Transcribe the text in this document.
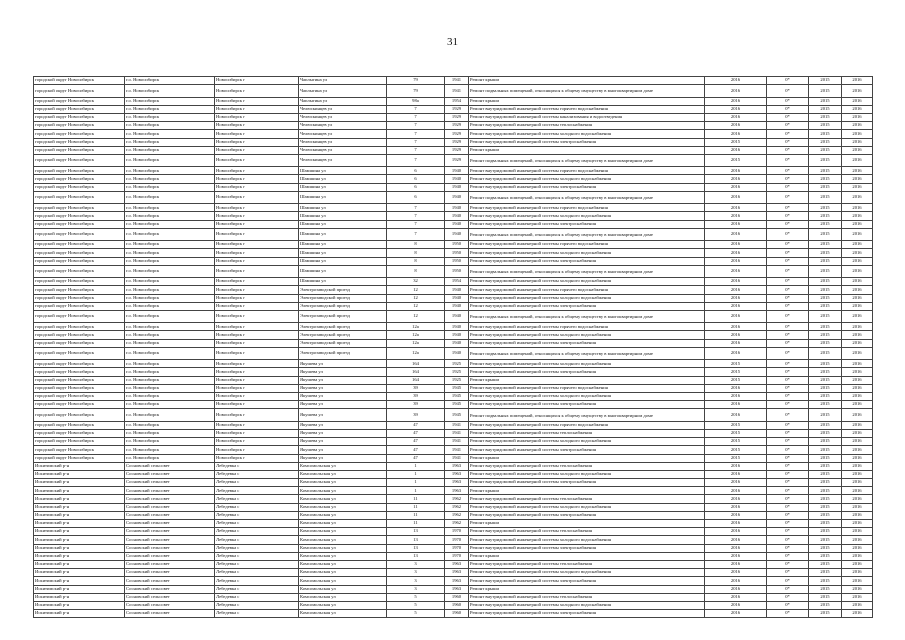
31
городской округ Новосибирск	г.о. Новосибирск	Новосибирск г	Чаплыгина ул	79	1941	Ремонт крыши	2016	0*	2015	2016
городской округ Новосибирск	г.о. Новосибирск	Новосибирск г	Чаплыгина ул	79	1941	Ремонт подвальных помещений, относящихся к общему имуществу в многоквартирном доме	2016	0*	2015	2016
городской округ Новосибирск	г.о. Новосибирск	Новосибирск г	Чаплыгина ул	98а	1954	Ремонт крыши	2016	0*	2015	2016
городской округ Новосибирск	г.о. Новосибирск	Новосибирск г	Челюскинцев ул	7	1929	Ремонт внутридомовой инженерной системы горячего водоснабжения	2016	0*	2015	2016
городской округ Новосибирск	г.о. Новосибирск	Новосибирск г	Челюскинцев ул	7	1929	Ремонт внутридомовой инженерной системы канализования и водоотведения	2016	0*	2015	2016
городской округ Новосибирск	г.о. Новосибирск	Новосибирск г	Челюскинцев ул	7	1929	Ремонт внутридомовой инженерной системы теплоснабжения	2016	0*	2015	2016
городской округ Новосибирск	г.о. Новосибирск	Новосибирск г	Челюскинцев ул	7	1929	Ремонт внутридомовой инженерной системы холодного водоснабжения	2016	0*	2015	2016
городской округ Новосибирск	г.о. Новосибирск	Новосибирск г	Челюскинцев ул	7	1929	Ремонт внутридомовой инженерной системы электроснабжения	2015	0*	2015	2016
городской округ Новосибирск	г.о. Новосибирск	Новосибирск г	Челюскинцев ул	7	1929	Ремонт крыши	2016	0*	2015	2016
городской округ Новосибирск	г.о. Новосибирск	Новосибирск г	Челюскинцев ул	7	1929	Ремонт подвальных помещений, относящихся к общему имуществу в многоквартирном доме	2015	0*	2015	2016
городской округ Новосибирск	г.о. Новосибирск	Новосибирск г	Шамшина ул	6	1940	Ремонт внутридомовой инженерной системы горячего водоснабжения	2016	0*	2015	2016
городской округ Новосибирск	г.о. Новосибирск	Новосибирск г	Шамшина ул	6	1940	Ремонт внутридомовой инженерной системы холодного водоснабжения	2016	0*	2015	2016
городской округ Новосибирск	г.о. Новосибирск	Новосибирск г	Шамшина ул	6	1940	Ремонт внутридомовой инженерной системы электроснабжения	2016	0*	2015	2016
городской округ Новосибирск	г.о. Новосибирск	Новосибирск г	Шамшина ул	6	1940	Ремонт подвальных помещений, относящихся к общему имуществу в многоквартирном доме	2016	0*	2015	2016
городской округ Новосибирск	г.о. Новосибирск	Новосибирск г	Шамшина ул	7	1940	Ремонт внутридомовой инженерной системы горячего водоснабжения	2016	0*	2015	2016
городской округ Новосибирск	г.о. Новосибирск	Новосибирск г	Шамшина ул	7	1940	Ремонт внутридомовой инженерной системы холодного водоснабжения	2016	0*	2015	2016
городской округ Новосибирск	г.о. Новосибирск	Новосибирск г	Шамшина ул	7	1940	Ремонт внутридомовой инженерной системы электроснабжения	2016	0*	2015	2016
городской округ Новосибирск	г.о. Новосибирск	Новосибирск г	Шамшина ул	7	1940	Ремонт подвальных помещений, относящихся к общему имуществу в многоквартирном доме	2016	0*	2015	2016
городской округ Новосибирск	г.о. Новосибирск	Новосибирск г	Шамшина ул	8	1950	Ремонт внутридомовой инженерной системы горячего водоснабжения	2016	0*	2015	2016
городской округ Новосибирск	г.о. Новосибирск	Новосибирск г	Шамшина ул	8	1950	Ремонт внутридомовой инженерной системы холодного водоснабжения	2016	0*	2015	2016
городской округ Новосибирск	г.о. Новосибирск	Новосибирск г	Шамшина ул	8	1950	Ремонт внутридомовой инженерной системы электроснабжения	2016	0*	2015	2016
городской округ Новосибирск	г.о. Новосибирск	Новосибирск г	Шамшина ул	8	1950	Ремонт подвальных помещений, относящихся к общему имуществу в многоквартирном доме	2016	0*	2015	2016
городской округ Новосибирск	г.о. Новосибирск	Новосибирск г	Шамшина ул	32	1954	Ремонт внутридомовой инженерной системы холодного водоснабжения	2016	0*	2015	2016
городской округ Новосибирск	г.о. Новосибирск	Новосибирск г	Электрозаводской проезд	12	1940	Ремонт внутридомовой инженерной системы горячего водоснабжения	2016	0*	2015	2016
городской округ Новосибирск	г.о. Новосибирск	Новосибирск г	Электрозаводской проезд	12	1940	Ремонт внутридомовой инженерной системы холодного водоснабжения	2016	0*	2015	2016
городской округ Новосибирск	г.о. Новосибирск	Новосибирск г	Электрозаводской проезд	12	1940	Ремонт внутридомовой инженерной системы электроснабжения	2016	0*	2015	2016
городской округ Новосибирск	г.о. Новосибирск	Новосибирск г	Электрозаводской проезд	12	1940	Ремонт подвальных помещений, относящихся к общему имуществу в многоквартирном доме	2016	0*	2015	2016
городской округ Новосибирск	г.о. Новосибирск	Новосибирск г	Электрозаводской проезд	12а	1940	Ремонт внутридомовой инженерной системы горячего водоснабжения	2016	0*	2015	2016
городской округ Новосибирск	г.о. Новосибирск	Новосибирск г	Электрозаводской проезд	12а	1940	Ремонт внутридомовой инженерной системы холодного водоснабжения	2016	0*	2015	2016
городской округ Новосибирск	г.о. Новосибирск	Новосибирск г	Электрозаводской проезд	12а	1940	Ремонт внутридомовой инженерной системы электроснабжения	2016	0*	2015	2016
городской округ Новосибирск	г.о. Новосибирск	Новосибирск г	Электрозаводской проезд	12а	1940	Ремонт подвальных помещений, относящихся к общему имуществу в многоквартирном доме	2016	0*	2015	2016
городской округ Новосибирск	г.о. Новосибирск	Новосибирск г	Якушева ул	164	1925	Ремонт внутридомовой инженерной системы холодного водоснабжения	2015	0*	2015	2016
городской округ Новосибирск	г.о. Новосибирск	Новосибирск г	Якушева ул	164	1925	Ремонт внутридомовой инженерной системы электроснабжения	2015	0*	2015	2016
городской округ Новосибирск	г.о. Новосибирск	Новосибирск г	Якушева ул	164	1925	Ремонт крыши	2015	0*	2015	2016
городской округ Новосибирск	г.о. Новосибирск	Новосибирск г	Якушева ул	39	1945	Ремонт внутридомовой инженерной системы горячего водоснабжения	2016	0*	2015	2016
городской округ Новосибирск	г.о. Новосибирск	Новосибирск г	Якушева ул	39	1945	Ремонт внутридомовой инженерной системы холодного водоснабжения	2016	0*	2015	2016
городской округ Новосибирск	г.о. Новосибирск	Новосибирск г	Якушева ул	39	1945	Ремонт внутридомовой инженерной системы электроснабжения	2016	0*	2015	2016
городской округ Новосибирск	г.о. Новосибирск	Новосибирск г	Якушева ул	39	1945	Ремонт подвальных помещений, относящихся к общему имуществу в многоквартирном доме	2016	0*	2015	2016
городской округ Новосибирск	г.о. Новосибирск	Новосибирск г	Якушева ул	47	1941	Ремонт внутридомовой инженерной системы горячего водоснабжения	2015	0*	2015	2016
городской округ Новосибирск	г.о. Новосибирск	Новосибирск г	Якушева ул	47	1941	Ремонт внутридомовой инженерной системы теплоснабжения	2015	0*	2015	2016
городской округ Новосибирск	г.о. Новосибирск	Новосибирск г	Якушева ул	47	1941	Ремонт внутридомовой инженерной системы холодного водоснабжения	2015	0*	2015	2016
городской округ Новосибирск	г.о. Новосибирск	Новосибирск г	Якушева ул	47	1941	Ремонт внутридомовой инженерной системы электроснабжения	2015	0*	2015	2016
городской округ Новосибирск	г.о. Новосибирск	Новосибирск г	Якушева ул	47	1941	Ремонт крыши	2015	0*	2015	2016
Искитимский р-н	Сосновский сельсовет	Лебедевка с	Комсомольская ул	1	1963	Ремонт внутридомовой инженерной системы теплоснабжения	2016	0*	2015	2016
Искитимский р-н	Сосновский сельсовет	Лебедевка с	Комсомольская ул	1	1963	Ремонт внутридомовой инженерной системы холодного водоснабжения	2016	0*	2015	2016
Искитимский р-н	Сосновский сельсовет	Лебедевка с	Комсомольская ул	1	1963	Ремонт внутридомовой инженерной системы электроснабжения	2016	0*	2015	2016
Искитимский р-н	Сосновский сельсовет	Лебедевка с	Комсомольская ул	1	1963	Ремонт крыши	2016	0*	2015	2016
Искитимский р-н	Сосновский сельсовет	Лебедевка с	Комсомольская ул	11	1962	Ремонт внутридомовой инженерной системы теплоснабжения	2016	0*	2015	2016
Искитимский р-н	Сосновский сельсовет	Лебедевка с	Комсомольская ул	11	1962	Ремонт внутридомовой инженерной системы холодного водоснабжения	2016	0*	2015	2016
Искитимский р-н	Сосновский сельсовет	Лебедевка с	Комсомольская ул	11	1962	Ремонт внутридомовой инженерной системы электроснабжения	2016	0*	2015	2016
Искитимский р-н	Сосновский сельсовет	Лебедевка с	Комсомольская ул	11	1962	Ремонт крыши	2016	0*	2015	2016
Искитимский р-н	Сосновский сельсовет	Лебедевка с	Комсомольская ул	13	1970	Ремонт внутридомовой инженерной системы теплоснабжения	2016	0*	2015	2016
Искитимский р-н	Сосновский сельсовет	Лебедевка с	Комсомольская ул	13	1970	Ремонт внутридомовой инженерной системы холодного водоснабжения	2016	0*	2015	2016
Искитимский р-н	Сосновский сельсовет	Лебедевка с	Комсомольская ул	13	1970	Ремонт внутридомовой инженерной системы электроснабжения	2016	0*	2015	2016
Искитимский р-н	Сосновский сельсовет	Лебедевка с	Комсомольская ул	13	1970	Ремонт крыши	2016	0*	2015	2016
Искитимский р-н	Сосновский сельсовет	Лебедевка с	Комсомольская ул	3	1963	Ремонт внутридомовой инженерной системы теплоснабжения	2016	0*	2015	2016
Искитимский р-н	Сосновский сельсовет	Лебедевка с	Комсомольская ул	3	1963	Ремонт внутридомовой инженерной системы холодного водоснабжения	2016	0*	2015	2016
Искитимский р-н	Сосновский сельсовет	Лебедевка с	Комсомольская ул	3	1963	Ремонт внутридомовой инженерной системы электроснабжения	2016	0*	2015	2016
Искитимский р-н	Сосновский сельсовет	Лебедевка с	Комсомольская ул	3	1963	Ремонт крыши	2016	0*	2015	2016
Искитимский р-н	Сосновский сельсовет	Лебедевка с	Комсомольская ул	5	1960	Ремонт внутридомовой инженерной системы теплоснабжения	2016	0*	2015	2016
Искитимский р-н	Сосновский сельсовет	Лебедевка с	Комсомольская ул	5	1960	Ремонт внутридомовой инженерной системы холодного водоснабжения	2016	0*	2015	2016
Искитимский р-н	Сосновский сельсовет	Лебедевка с	Комсомольская ул	5	1960	Ремонт внутридомовой инженерной системы электроснабжения	2016	0*	2015	2016
